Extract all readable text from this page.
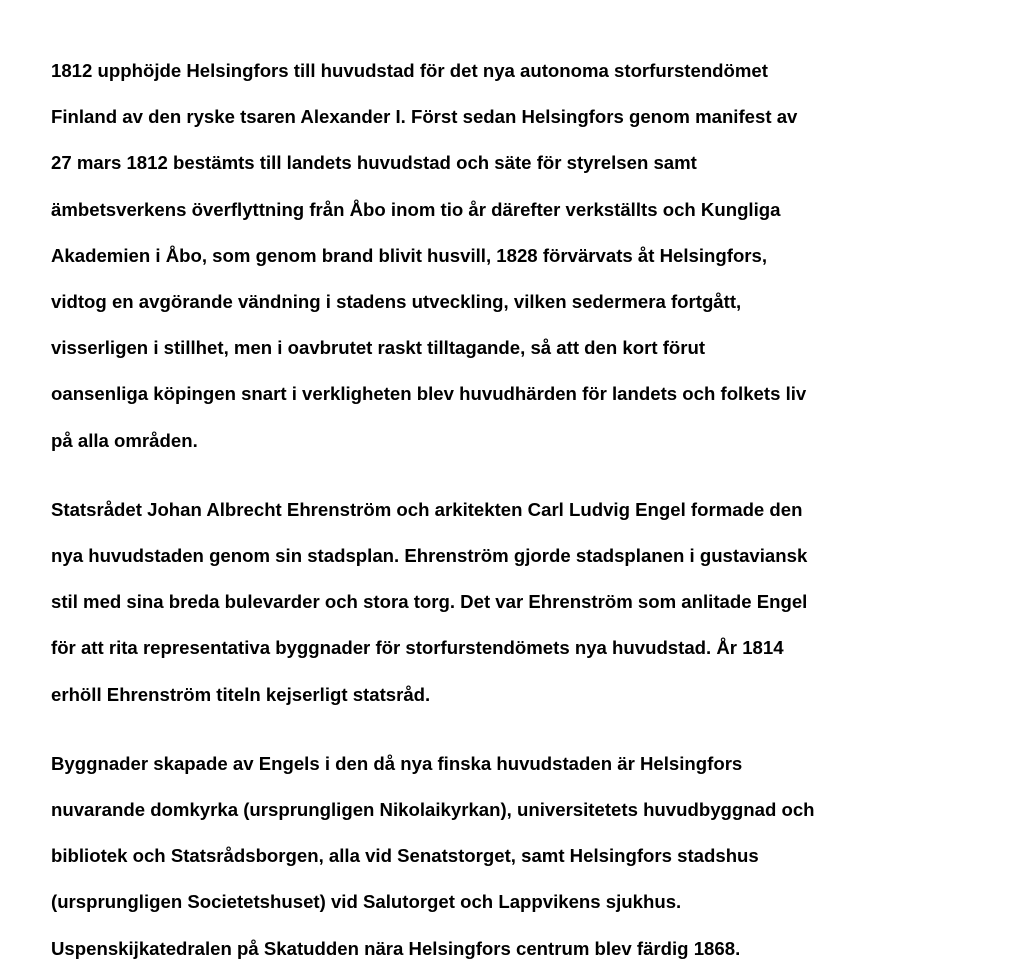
1812 upphöjde Helsingfors till huvudstad för det nya autonoma storfurstendömet

Finland av den ryske tsaren Alexander I. Först sedan Helsingfors genom manifest av

27 mars 1812 bestämts till landets huvudstad och säte för styrelsen samt

ämbetsverkens överflyttning från Åbo inom tio år därefter verkställts och Kungliga

Akademien i Åbo, som genom brand blivit husvill, 1828 förvärvats åt Helsingfors,

vidtog en avgörande vändning i stadens utveckling, vilken sedermera fortgått,

visserligen i stillhet, men i oavbrutet raskt tilltagande, så att den kort förut

oansenliga köpingen snart i verkligheten blev huvudhärden för landets och folkets liv

på alla områden.

Statsrådet Johan Albrecht Ehrenström och arkitekten Carl Ludvig Engel formade den

nya huvudstaden genom sin stadsplan. Ehrenström gjorde stadsplanen i gustaviansk

stil med sina breda bulevarder och stora torg. Det var Ehrenström som anlitade Engel

för att rita representativa byggnader för storfurstendömets nya huvudstad. År 1814

erhöll Ehrenström titeln kejserligt statsråd.

Byggnader skapade av Engels i den då nya finska huvudstaden är Helsingfors

nuvarande domkyrka (ursprungligen Nikolaikyrkan), universitetets huvudbyggnad och

bibliotek och Statsrådsborgen, alla vid Senatstorget, samt Helsingfors stadshus

(ursprungligen Societetshuset) vid Salutorget och Lappvikens sjukhus.

Uspenskijkatedralen på Skatudden nära Helsingfors centrum blev färdig 1868.
